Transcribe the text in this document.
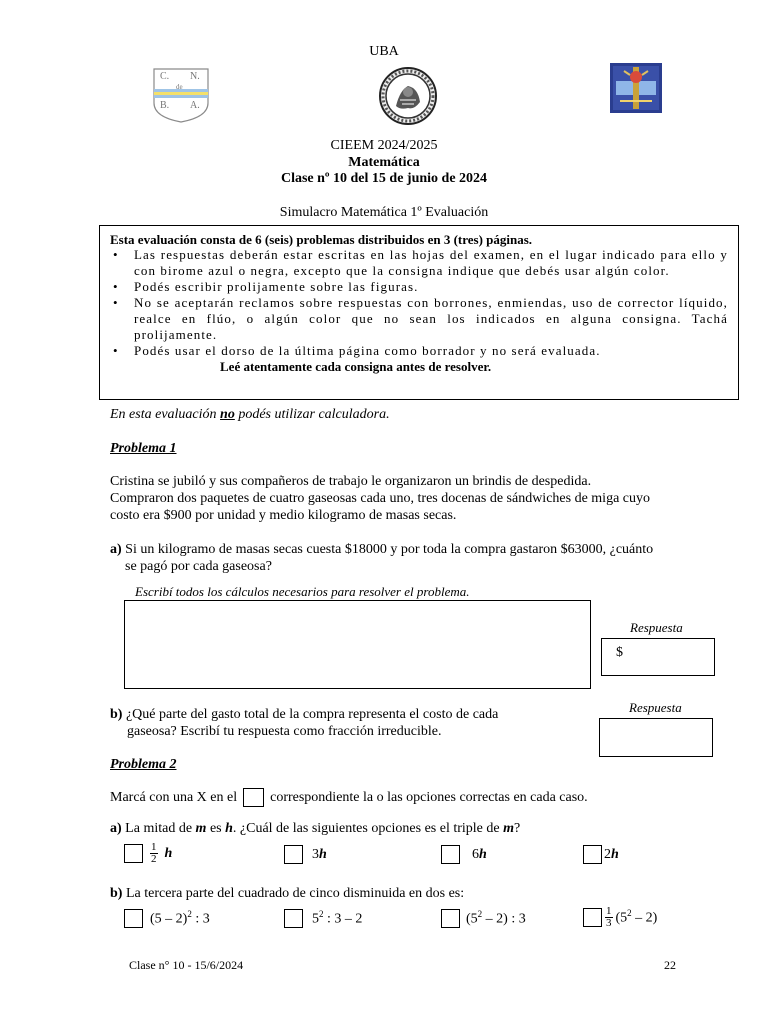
UBA
C. N.
de
B. A.
CIEEM 2024/2025
Matemática
Clase nº 10 del 15 de junio de 2024
Simulacro Matemática 1º Evaluación
Esta evaluación consta de 6 (seis) problemas distribuidos en 3 (tres) páginas.
• Las respuestas deberán estar escritas en las hojas del examen, en el lugar indicado para ello y con birome azul o negra, excepto que la consigna indique que debés usar algún color.
• Podés escribir prolijamente sobre las figuras.
• No se aceptarán reclamos sobre respuestas con borrones, enmiendas, uso de corrector líquido, realce en flúo, o algún color que no sean los indicados en alguna consigna. Tachá prolijamente.
• Podés usar el dorso de la última página como borrador y no será evaluada.
Leé atentamente cada consigna antes de resolver.
En esta evaluación no podés utilizar calculadora.
Problema 1
Cristina se jubiló y sus compañeros de trabajo le organizaron un brindis de despedida.
Compraron dos paquetes de cuatro gaseosas cada uno, tres docenas de sándwiches de miga cuyo
costo era $900 por unidad y medio kilogramo de masas secas.
a) Si un kilogramo de masas secas cuesta $18000 y por toda la compra gastaron $63000, ¿cuánto
se pagó por cada gaseosa?
Escribí todos los cálculos necesarios para resolver el problema.
Respuesta
$
b) ¿Qué parte del gasto total de la compra representa el costo de cada
gaseosa? Escribí tu respuesta como fracción irreducible.
Respuesta
Problema 2
Marcá con una X en el correspondiente la o las opciones correctas en cada caso.
a) La mitad de m es h. ¿Cuál de las siguientes opciones es el triple de m?
$\frac{1}{2}$ h	3h	6h	2h
b) La tercera parte del cuadrado de cinco disminuida en dos es:
(5 – 2)$^2$ : 3	$5^2$ : 3 – 2	$(5^2 - 2)$ : 3	$\frac{1}{3} (5^2 - 2)$
Clase n° 10 - 15/6/2024	22
